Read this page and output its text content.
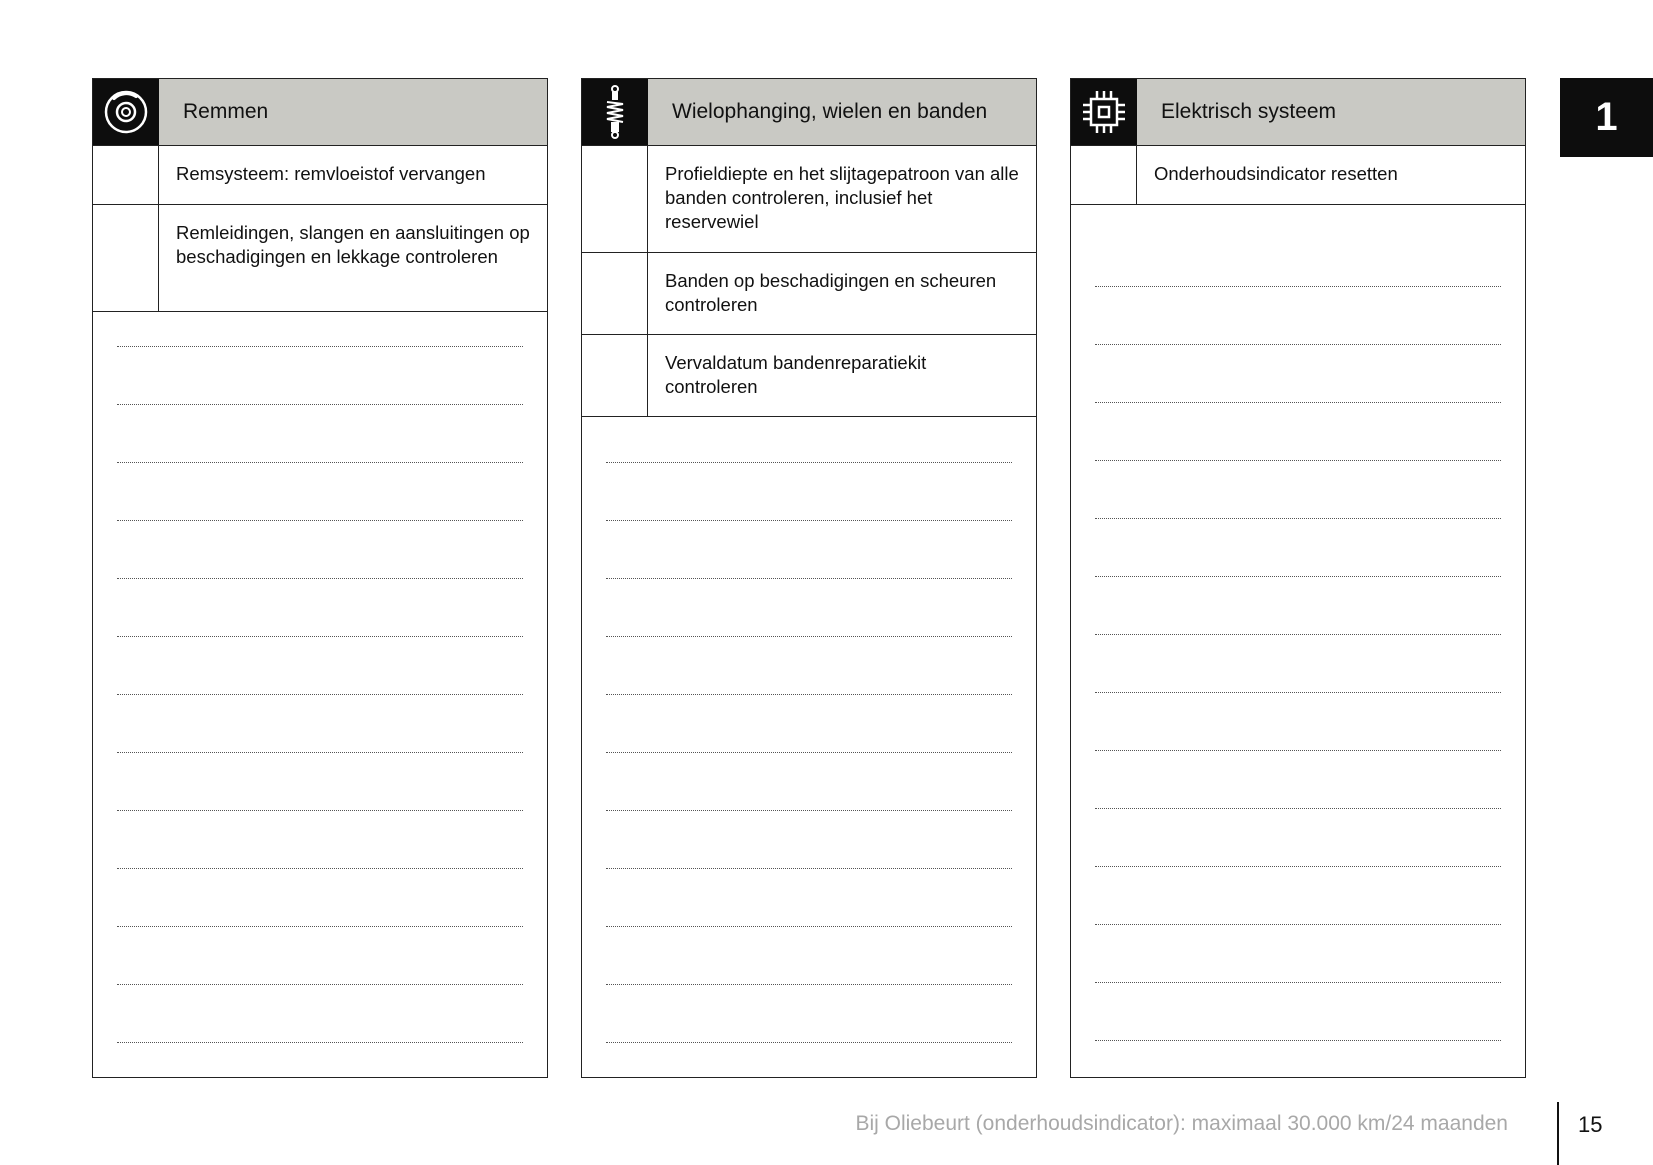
Remmen
Remsysteem: remvloeistof vervangen
Remleidingen, slangen en aansluitingen op beschadigingen en lekkage controleren
Wielophanging, wielen en banden
Profieldiepte en het slijtagepatroon van alle banden controleren, inclusief het reservewiel
Banden op beschadigingen en scheuren controleren
Vervaldatum bandenreparatiekit controleren
Elektrisch systeem
Onderhoudsindicator resetten
1
Bij Oliebeurt (onderhoudsindicator): maximaal 30.000 km/24 maanden	15
